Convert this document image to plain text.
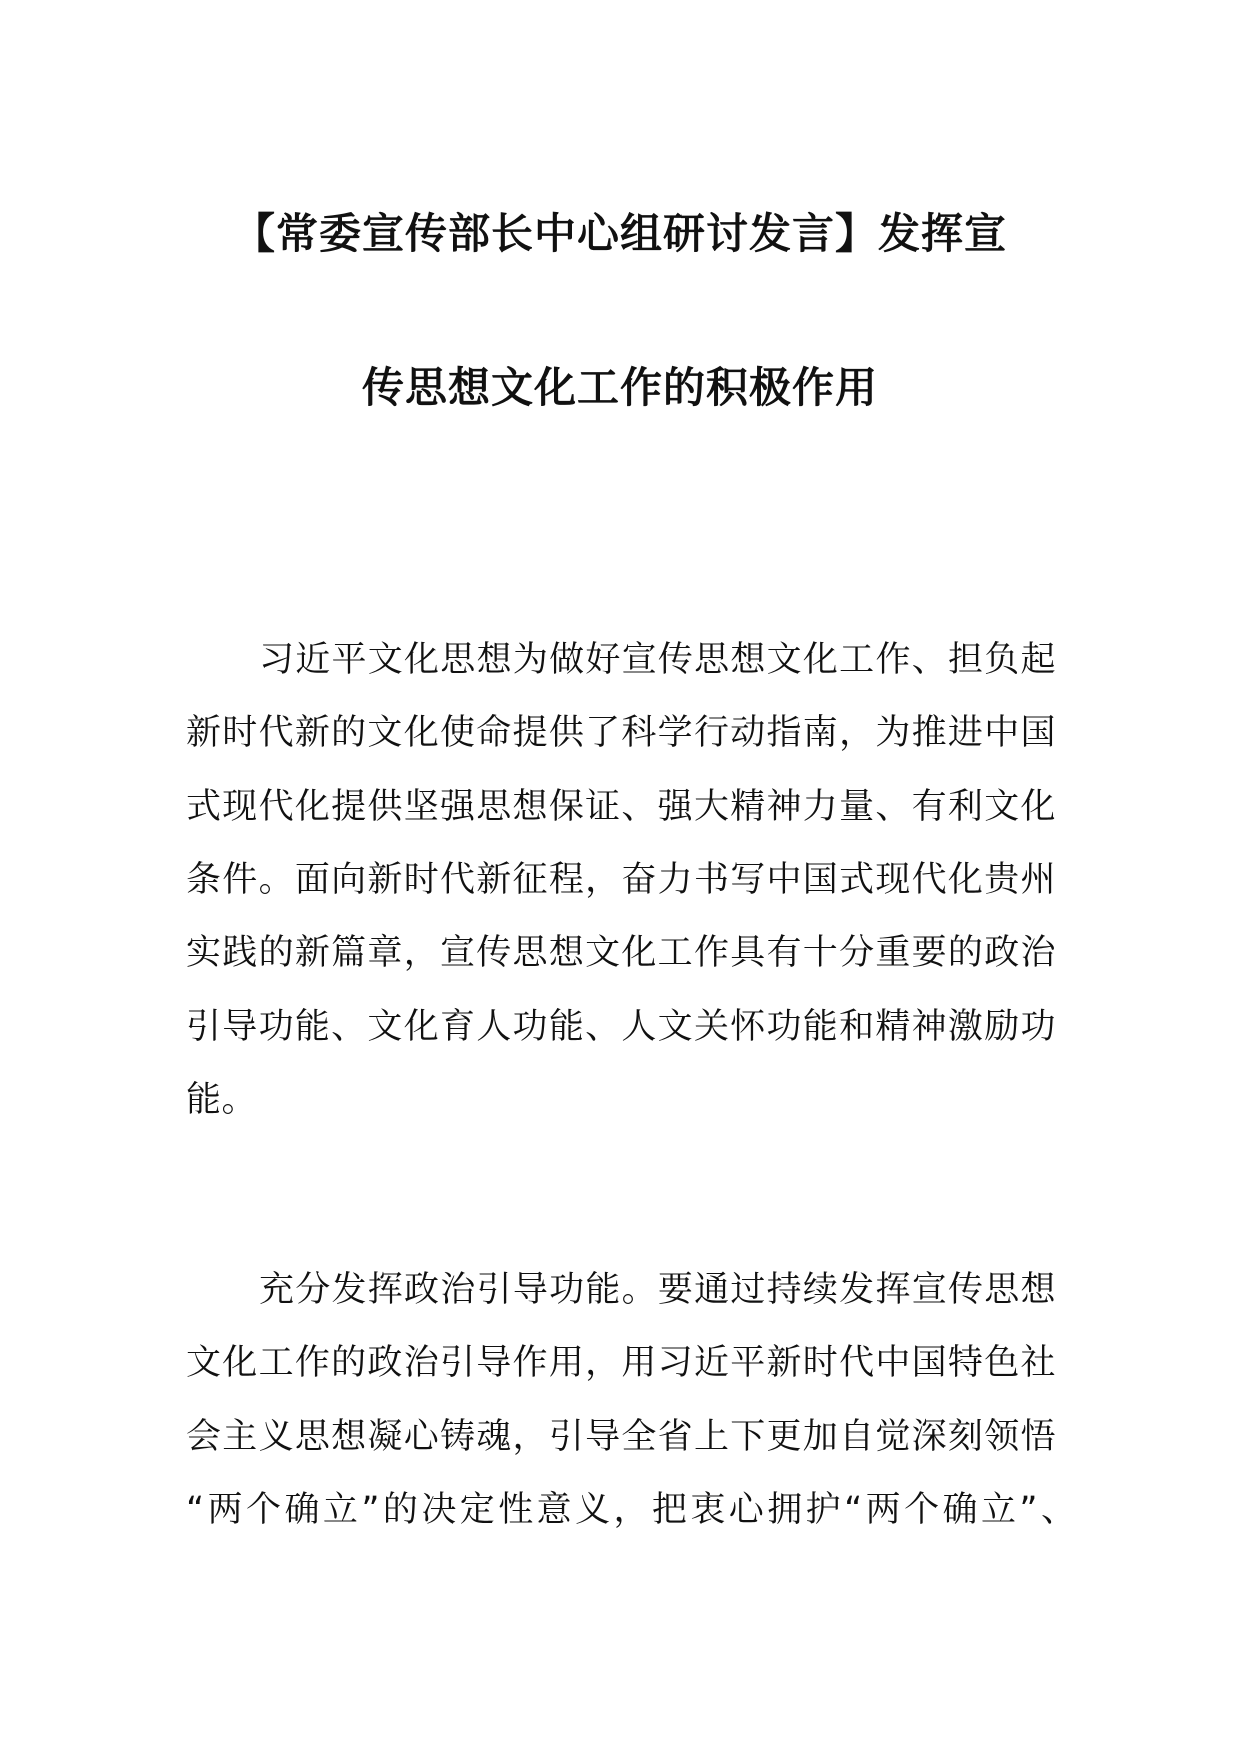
【常委宣传部长中心组研讨发言】发挥宣
传思想文化工作的积极作用
习近平文化思想为做好宣传思想文化工作、担负起
新时代新的文化使命提供了科学行动指南，为推进中国
式现代化提供坚强思想保证、强大精神力量、有利文化
条件。面向新时代新征程，奋力书写中国式现代化贵州
实践的新篇章，宣传思想文化工作具有十分重要的政治
引导功能、文化育人功能、人文关怀功能和精神激励功
能。
充分发挥政治引导功能。要通过持续发挥宣传思想
文化工作的政治引导作用，用习近平新时代中国特色社
会主义思想凝心铸魂，引导全省上下更加自觉深刻领悟
“两个确立”的决定性意义，把衷心拥护“两个确立”、
